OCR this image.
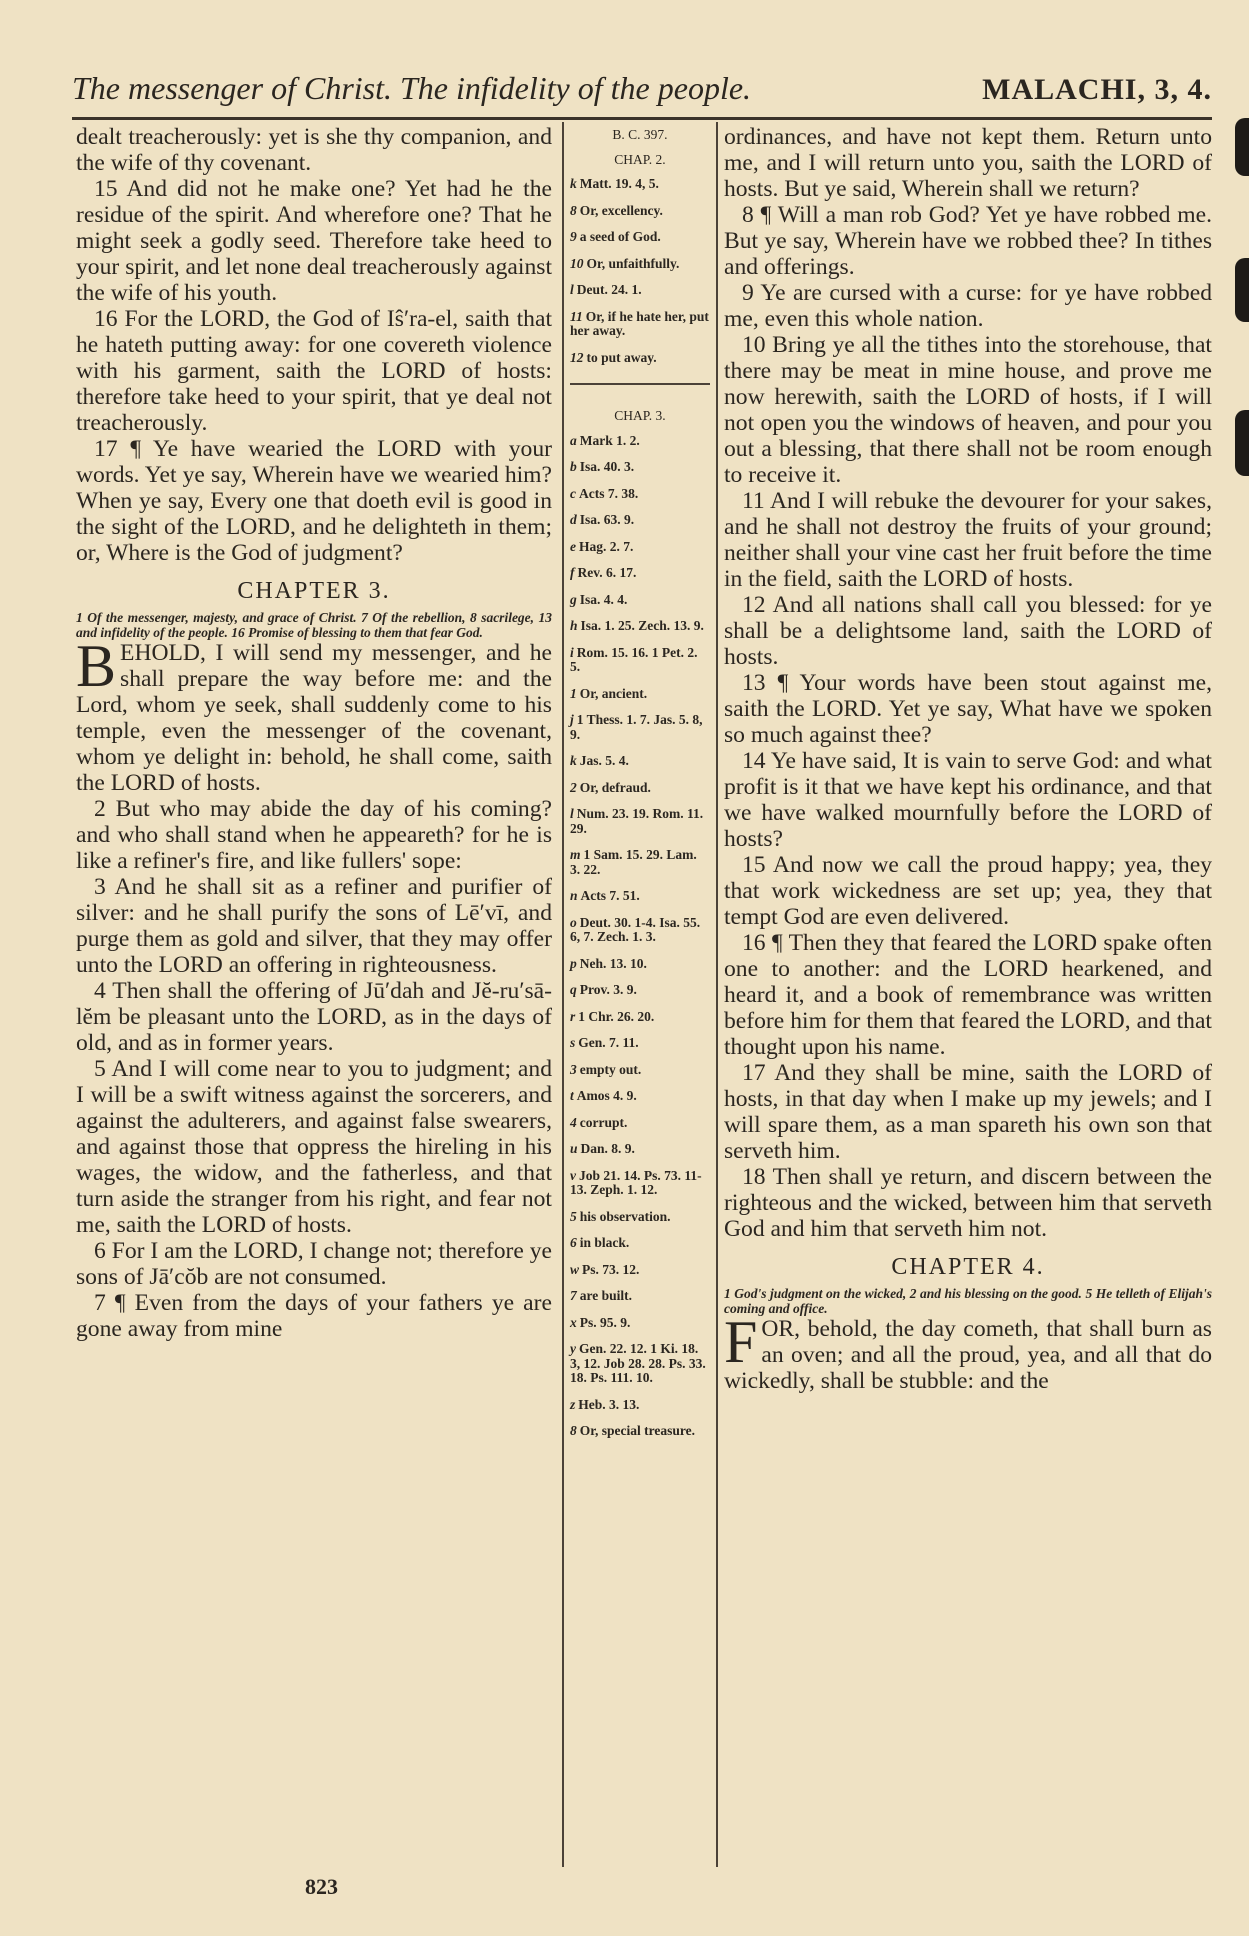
The messenger of Christ. The infidelity of the people.	MALACHI, 3, 4.

dealt treacherously: yet is she thy companion, and the wife of thy covenant.

15 And did not he make one? Yet had he the residue of the spirit. And wherefore one? That he might seek a godly seed. Therefore take heed to your spirit, and let none deal treacherously against the wife of his youth.

16 For the LORD, the God of Iŝ′ra-el, saith that he hateth putting away: for one covereth violence with his garment, saith the LORD of hosts: therefore take heed to your spirit, that ye deal not treacherously.

17 ¶ Ye have wearied the LORD with your words. Yet ye say, Wherein have we wearied him? When ye say, Every one that doeth evil is good in the sight of the LORD, and he delighteth in them; or, Where is the God of judgment?

CHAPTER 3.

1 Of the messenger, majesty, and grace of Christ. 7 Of the rebellion, 8 sacrilege, 13 and infidelity of the people. 16 Promise of blessing to them that fear God.

BEHOLD, I will send my messenger, and he shall prepare the way before me: and the Lord, whom ye seek, shall suddenly come to his temple, even the messenger of the covenant, whom ye delight in: behold, he shall come, saith the LORD of hosts.

2 But who may abide the day of his coming? and who shall stand when he appeareth? for he is like a refiner's fire, and like fullers' sope:

3 And he shall sit as a refiner and purifier of silver: and he shall purify the sons of Lē′vī, and purge them as gold and silver, that they may offer unto the LORD an offering in righteousness.

4 Then shall the offering of Jū′dah and Jĕ-ru′sā-lĕm be pleasant unto the LORD, as in the days of old, and as in former years.

5 And I will come near to you to judgment; and I will be a swift witness against the sorcerers, and against the adulterers, and against false swearers, and against those that oppress the hireling in his wages, the widow, and the fatherless, and that turn aside the stranger from his right, and fear not me, saith the LORD of hosts.

6 For I am the LORD, I change not; therefore ye sons of Jā′cŏb are not consumed.

7 ¶ Even from the days of your fathers ye are gone away from mine

B. C. 397.
CHAP. 2.
k Matt. 19. 4, 5.
8 Or, excellency.
9 a seed of God.
10 Or, unfaithfully.
l Deut. 24. 1.
11 Or, if he hate her, put her away.
12 to put away.
CHAP. 3.
a Mark 1. 2.
b Isa. 40. 3.
c Acts 7. 38.
d Isa. 63. 9.
e Hag. 2. 7.
f Rev. 6. 17.
g Isa. 4. 4.
h Isa. 1. 25. Zech. 13. 9.
i Rom. 15. 16. 1 Pet. 2. 5.
1 Or, ancient.
j 1 Thess. 1. 7. Jas. 5. 8, 9.
k Jas. 5. 4.
2 Or, defraud.
l Num. 23. 19. Rom. 11. 29.
m 1 Sam. 15. 29. Lam. 3. 22.
n Acts 7. 51.
o Deut. 30. 1-4. Isa. 55. 6, 7. Zech. 1. 3.
p Neh. 13. 10.
q Prov. 3. 9.
r 1 Chr. 26. 20.
s Gen. 7. 11.
3 empty out.
t Amos 4. 9.
4 corrupt.
u Dan. 8. 9.
v Job 21. 14. Ps. 73. 11-13. Zeph. 1. 12.
5 his observation.
6 in black.
w Ps. 73. 12.
7 are built.
x Ps. 95. 9.
y Gen. 22. 12. 1 Ki. 18. 3, 12. Job 28. 28. Ps. 33. 18. Ps. 111. 10.
z Heb. 3. 13.
8 Or, special treasure.

ordinances, and have not kept them. Return unto me, and I will return unto you, saith the LORD of hosts. But ye said, Wherein shall we return?

8 ¶ Will a man rob God? Yet ye have robbed me. But ye say, Wherein have we robbed thee? In tithes and offerings.

9 Ye are cursed with a curse: for ye have robbed me, even this whole nation.

10 Bring ye all the tithes into the storehouse, that there may be meat in mine house, and prove me now herewith, saith the LORD of hosts, if I will not open you the windows of heaven, and pour you out a blessing, that there shall not be room enough to receive it.

11 And I will rebuke the devourer for your sakes, and he shall not destroy the fruits of your ground; neither shall your vine cast her fruit before the time in the field, saith the LORD of hosts.

12 And all nations shall call you blessed: for ye shall be a delightsome land, saith the LORD of hosts.

13 ¶ Your words have been stout against me, saith the LORD. Yet ye say, What have we spoken so much against thee?

14 Ye have said, It is vain to serve God: and what profit is it that we have kept his ordinance, and that we have walked mournfully before the LORD of hosts?

15 And now we call the proud happy; yea, they that work wickedness are set up; yea, they that tempt God are even delivered.

16 ¶ Then they that feared the LORD spake often one to another: and the LORD hearkened, and heard it, and a book of remembrance was written before him for them that feared the LORD, and that thought upon his name.

17 And they shall be mine, saith the LORD of hosts, in that day when I make up my jewels; and I will spare them, as a man spareth his own son that serveth him.

18 Then shall ye return, and discern between the righteous and the wicked, between him that serveth God and him that serveth him not.

CHAPTER 4.

1 God's judgment on the wicked, 2 and his blessing on the good. 5 He telleth of Elijah's coming and office.

FOR, behold, the day cometh, that shall burn as an oven; and all the proud, yea, and all that do wickedly, shall be stubble: and the

823
